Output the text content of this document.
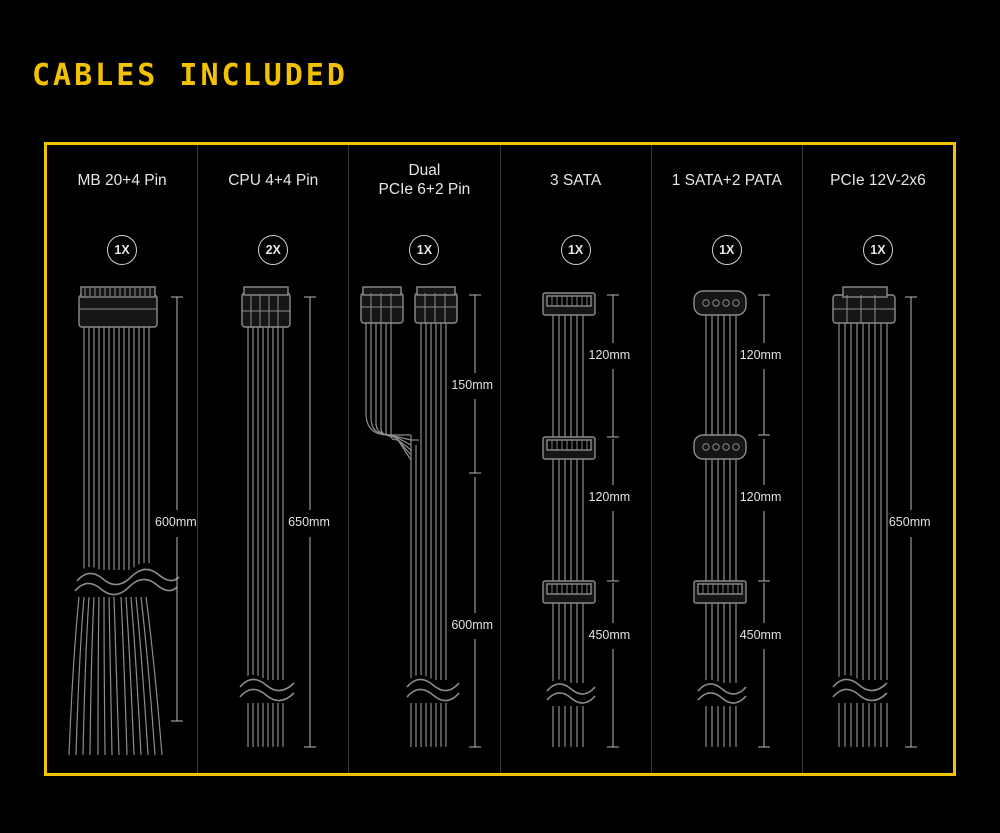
CABLES INCLUDED
MB 20+4 Pin
1X
600mm
CPU 4+4 Pin
2X
650mm
Dual
PCIe 6+2 Pin
1X
150mm
600mm
3 SATA
1X
120mm
120mm
450mm
1 SATA+2 PATA
1X
120mm
120mm
450mm
PCIe 12V-2x6
1X
650mm
